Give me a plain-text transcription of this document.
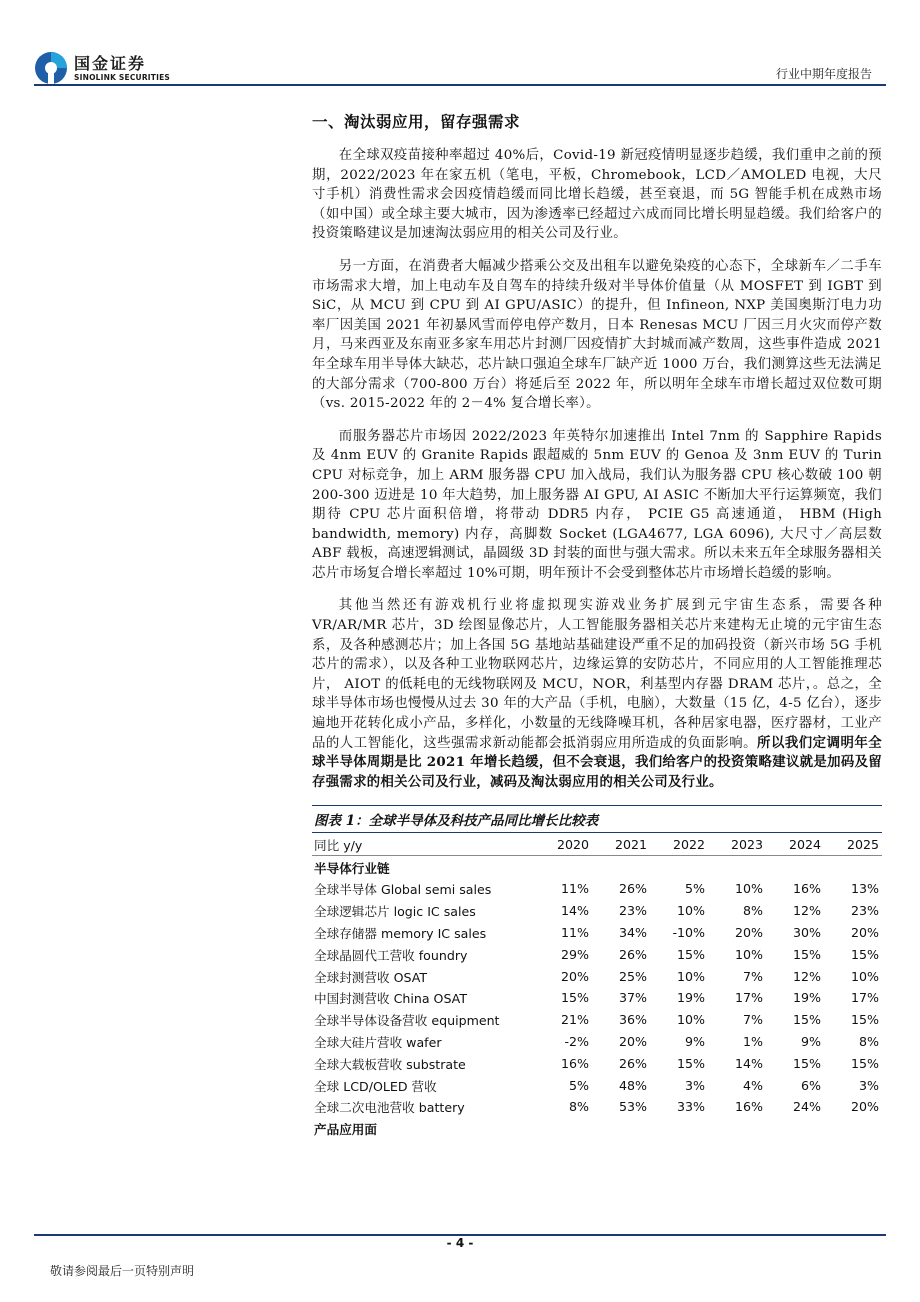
国金证券
SINOLINK SECURITIES	行业中期年度报告
一、淘汰弱应用，留存强需求

在全球双疫苗接种率超过 40%后，Covid-19 新冠疫情明显逐步趋缓，我们重申之前的预期，2022/2023 年在家五机（笔电，平板，Chromebook，LCD／AMOLED 电视，大尺寸手机）消费性需求会因疫情趋缓而同比增长趋缓，甚至衰退，而 5G 智能手机在成熟市场（如中国）或全球主要大城市，因为渗透率已经超过六成而同比增长明显趋缓。我们给客户的投资策略建议是加速淘汰弱应用的相关公司及行业。

另一方面，在消费者大幅减少搭乘公交及出租车以避免染疫的心态下，全球新车／二手车市场需求大增，加上电动车及自驾车的持续升级对半导体价值量（从 MOSFET 到 IGBT 到 SiC，从 MCU 到 CPU 到 AI GPU/ASIC）的提升，但 Infineon, NXP 美国奥斯汀电力功率厂因美国 2021 年初暴风雪而停电停产数月，日本 Renesas MCU 厂因三月火灾而停产数月，马来西亚及东南亚多家车用芯片封测厂因疫情扩大封城而减产数周，这些事件造成 2021 年全球车用半导体大缺芯，芯片缺口强迫全球车厂缺产近 1000 万台，我们测算这些无法满足的大部分需求（700-800 万台）将延后至 2022 年，所以明年全球车市增长超过双位数可期（vs. 2015-2022 年的 2－4% 复合增长率）。

而服务器芯片市场因 2022/2023 年英特尔加速推出 Intel 7nm 的 Sapphire Rapids 及 4nm EUV 的 Granite Rapids 跟超威的 5nm EUV 的 Genoa 及 3nm EUV 的 Turin CPU 对标竞争，加上 ARM 服务器 CPU 加入战局，我们认为服务器 CPU 核心数破 100 朝 200-300 迈进是 10 年大趋势，加上服务器 AI GPU, AI ASIC 不断加大平行运算频宽，我们期待 CPU 芯片面积倍增，将带动 DDR5 内存， PCIE G5 高速通道， HBM (High bandwidth, memory) 内存，高脚数 Socket (LGA4677, LGA 6096), 大尺寸／高层数 ABF 载板，高速逻辑测试，晶圆级 3D 封装的面世与强大需求。所以未来五年全球服务器相关芯片市场复合增长率超过 10%可期，明年预计不会受到整体芯片市场增长趋缓的影响。

其他当然还有游戏机行业将虚拟现实游戏业务扩展到元宇宙生态系，需要各种 VR/AR/MR 芯片，3D 绘图显像芯片，人工智能服务器相关芯片来建构无止境的元宇宙生态系，及各种感测芯片；加上各国 5G 基地站基础建设严重不足的加码投资（新兴市场 5G 手机芯片的需求），以及各种工业物联网芯片，边缘运算的安防芯片，不同应用的人工智能推理芯片， AIOT 的低耗电的无线物联网及 MCU，NOR，利基型内存器 DRAM 芯片，。总之，全球半导体市场也慢慢从过去 30 年的大产品（手机，电脑），大数量（15 亿，4-5 亿台），逐步遍地开花转化成小产品，多样化，小数量的无线降噪耳机，各种居家电器，医疗器材，工业产品的人工智能化，这些强需求新动能都会抵消弱应用所造成的负面影响。所以我们定调明年全球半导体周期是比 2021 年增长趋缓，但不会衰退，我们给客户的投资策略建议就是加码及留存强需求的相关公司及行业，减码及淘汰弱应用的相关公司及行业。

图表 1：全球半导体及科技产品同比增长比较表
同比 y/y	2020	2021	2022	2023	2024	2025
半导体行业链						
全球半导体 Global semi sales	11%	26%	5%	10%	16%	13%
全球逻辑芯片 logic IC sales	14%	23%	10%	8%	12%	23%
全球存储器 memory IC sales	11%	34%	-10%	20%	30%	20%
全球晶圆代工营收 foundry	29%	26%	15%	10%	15%	15%
全球封测营收 OSAT	20%	25%	10%	7%	12%	10%
中国封测营收 China OSAT	15%	37%	19%	17%	19%	17%
全球半导体设备营收 equipment	21%	36%	10%	7%	15%	15%
全球大硅片营收 wafer	-2%	20%	9%	1%	9%	8%
全球大载板营收 substrate	16%	26%	15%	14%	15%	15%
全球 LCD/OLED 营收	5%	48%	3%	4%	6%	3%
全球二次电池营收 battery	8%	53%	33%	16%	24%	20%
产品应用面						
- 4 -
敬请参阅最后一页特别声明
